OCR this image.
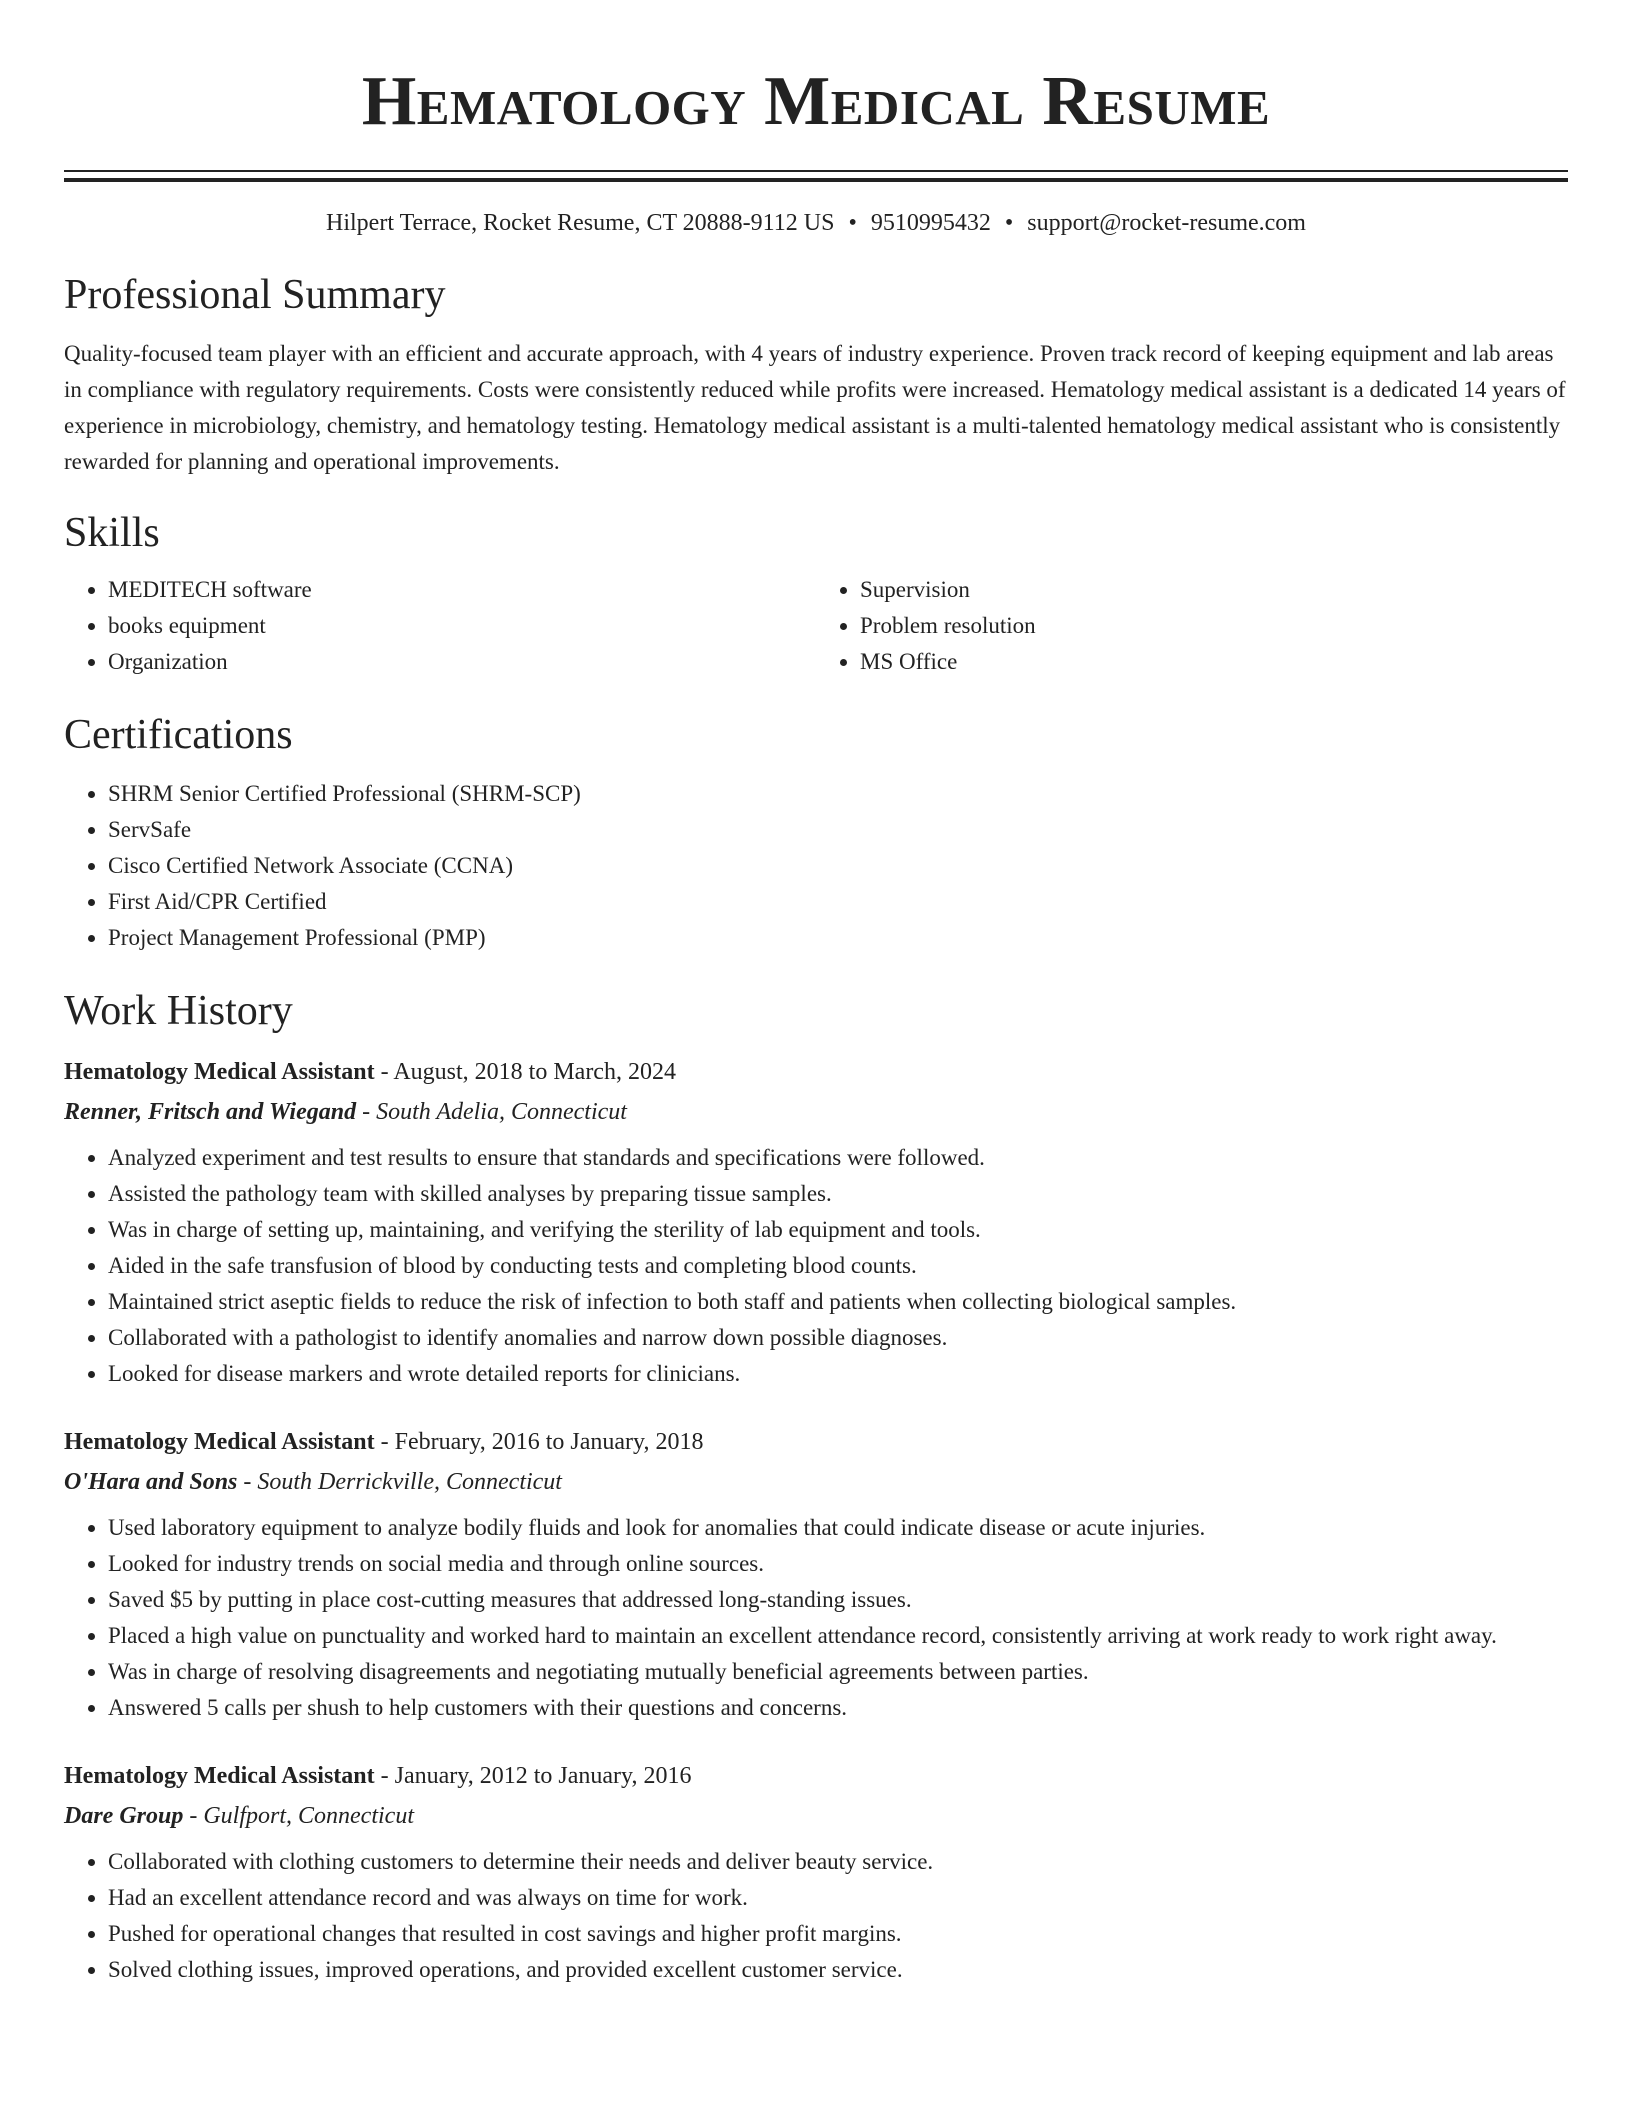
Hematology Medical Resume
Hilpert Terrace, Rocket Resume, CT 20888-9112 US • 9510995432 • support@rocket-resume.com
Professional Summary

Quality-focused team player with an efficient and accurate approach, with 4 years of industry experience. Proven track record of keeping equipment and lab areas in compliance with regulatory requirements. Costs were consistently reduced while profits were increased. Hematology medical assistant is a dedicated 14 years of experience in microbiology, chemistry, and hematology testing. Hematology medical assistant is a multi-talented hematology medical assistant who is consistently rewarded for planning and operational improvements.

Skills
• MEDITECH software
• books equipment
• Organization
• Supervision
• Problem resolution
• MS Office
Certifications
• SHRM Senior Certified Professional (SHRM-SCP)
• ServSafe
• Cisco Certified Network Associate (CCNA)
• First Aid/CPR Certified
• Project Management Professional (PMP)
Work History
Hematology Medical Assistant - August, 2018 to March, 2024
Renner, Fritsch and Wiegand - South Adelia, Connecticut
• Analyzed experiment and test results to ensure that standards and specifications were followed.
• Assisted the pathology team with skilled analyses by preparing tissue samples.
• Was in charge of setting up, maintaining, and verifying the sterility of lab equipment and tools.
• Aided in the safe transfusion of blood by conducting tests and completing blood counts.
• Maintained strict aseptic fields to reduce the risk of infection to both staff and patients when collecting biological samples.
• Collaborated with a pathologist to identify anomalies and narrow down possible diagnoses.
• Looked for disease markers and wrote detailed reports for clinicians.
Hematology Medical Assistant - February, 2016 to January, 2018
O'Hara and Sons - South Derrickville, Connecticut
• Used laboratory equipment to analyze bodily fluids and look for anomalies that could indicate disease or acute injuries.
• Looked for industry trends on social media and through online sources.
• Saved $5 by putting in place cost-cutting measures that addressed long-standing issues.
• Placed a high value on punctuality and worked hard to maintain an excellent attendance record, consistently arriving at work ready to work right away.
• Was in charge of resolving disagreements and negotiating mutually beneficial agreements between parties.
• Answered 5 calls per shush to help customers with their questions and concerns.
Hematology Medical Assistant - January, 2012 to January, 2016
Dare Group - Gulfport, Connecticut
• Collaborated with clothing customers to determine their needs and deliver beauty service.
• Had an excellent attendance record and was always on time for work.
• Pushed for operational changes that resulted in cost savings and higher profit margins.
• Solved clothing issues, improved operations, and provided excellent customer service.
